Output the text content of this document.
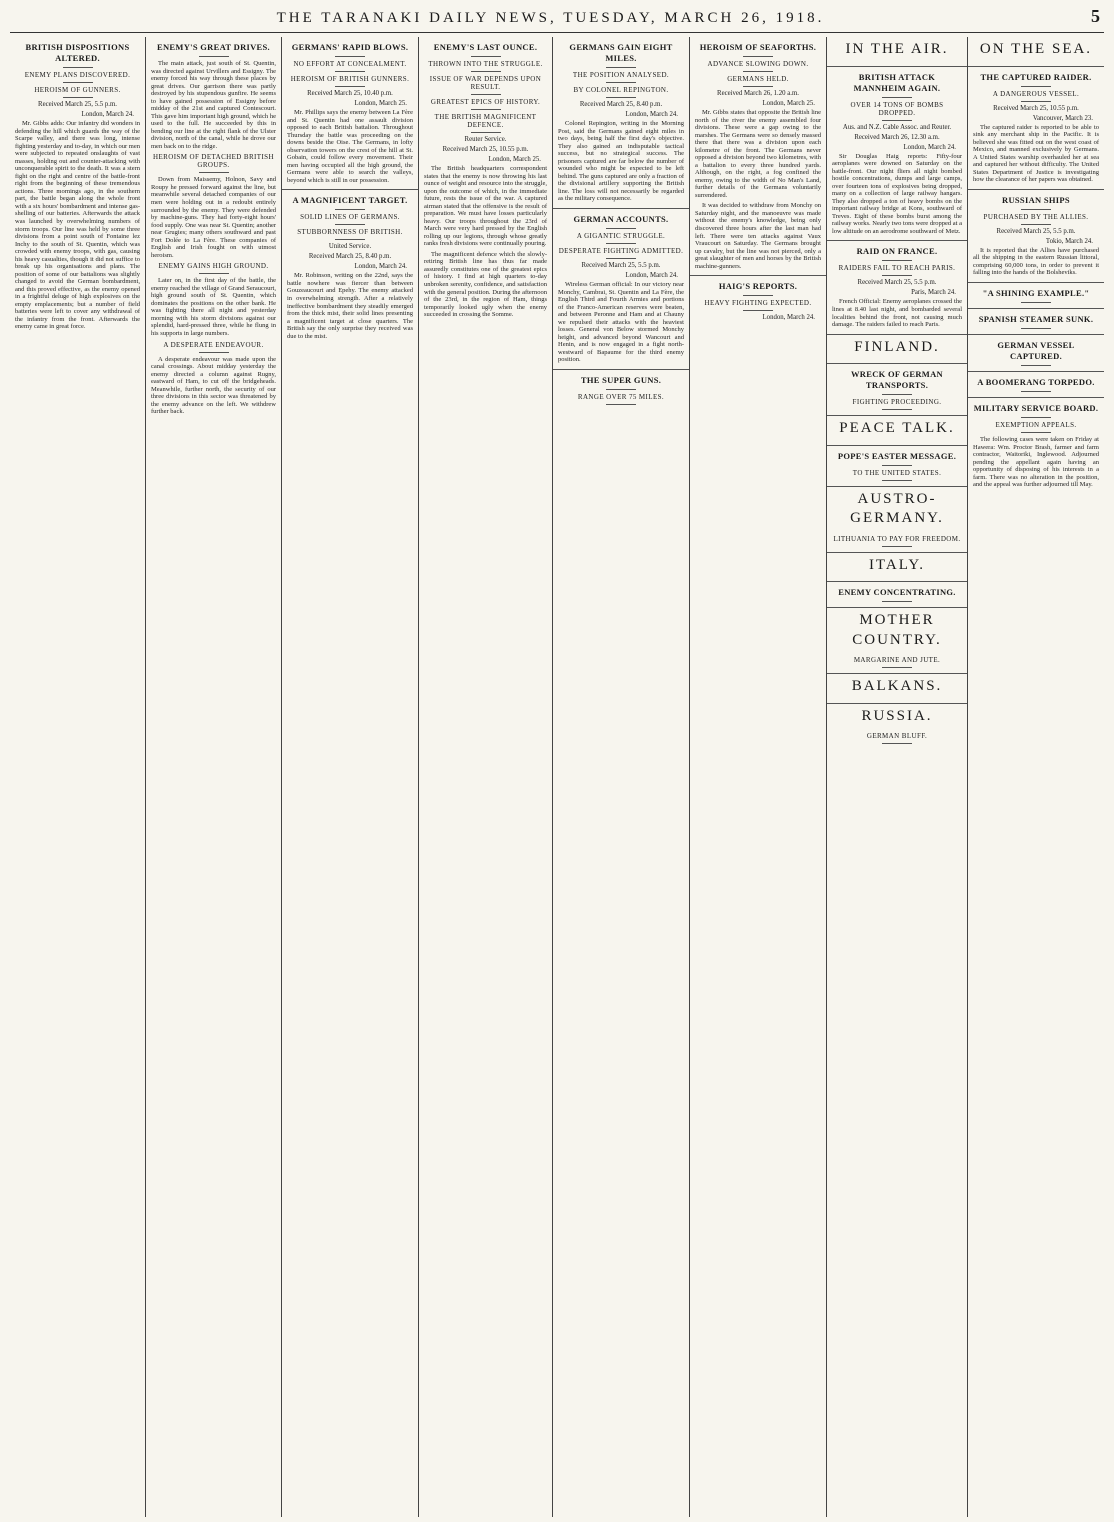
THE TARANAKI DAILY NEWS, TUESDAY, MARCH 26, 1918.	5
BRITISH DISPOSITIONS ALTERED.
ENEMY PLANS DISCOVERED.
HEROISM OF GUNNERS.
Received March 25, 5.5 p.m.
London, March 24.

Mr. Gibbs adds: Our infantry did wonders in defending the hill which guards the way of the Scarpe valley, and there was long, intense fighting yesterday and to-day, in which our men were subjected to repeated onslaughts of vast masses, holding out and counter-attacking with unconquerable spirit to the death. It was a stern fight on the right and centre of the battle-front right from the beginning of these tremendous actions. Three mornings ago, in the southern part, the battle began along the whole front with a six hours' bombardment and intense gas-shelling of our batteries. Afterwards the attack was launched by overwhelming numbers of storm troops. Our line was held by some three divisions from a point south of Fontaine lez Inchy to the south of St. Quentin, which was crowded with enemy troops, with gas, causing his heavy casualties, though it did not suffice to break up his organisations and plans. The position of some of our battalions was slightly changed to avoid the German bombardment, and this proved effective, as the enemy opened in a frightful deluge of high explosives on the empty emplacements; but a number of field batteries were left to cover any withdrawal of the infantry from the front. Afterwards the enemy came in great force.

ENEMY'S GREAT DRIVES.

The main attack, just south of St. Quentin, was directed against Urvillers and Essigny. The enemy forced his way through these places by great drives. Our garrison there was partly destroyed by his stupendous gunfire. He seems to have gained possession of Essigny before midday of the 21st and captured Contescourt. This gave him important high ground, which he used to the full. He succeeded by this in bending our line at the right flank of the Ulster division, north of the canal, while he drove our men back on to the ridge.

HEROISM OF DETACHED BRITISH GROUPS.

Down from Maissemy, Holnon, Savy and Roupy he pressed forward against the line, but meanwhile several detached companies of our men were holding out in a redoubt entirely surrounded by the enemy. They were defended by machine-guns. They had forty-eight hours' food supply. One was near St. Quentin; another near Grugies; many others southward and past Fort Dolée to La Fère. These companies of English and Irish fought on with utmost heroism.

ENEMY GAINS HIGH GROUND.

Later on, in the first day of the battle, the enemy reached the village of Grand Seraucourt, high ground south of St. Quentin, which dominates the positions on the other bank. He was fighting there all night and yesterday morning with his storm divisions against our splendid, hard-pressed three, while he flung in his supports in large numbers.

A DESPERATE ENDEAVOUR.

A desperate endeavour was made upon the canal crossings. About midday yesterday the enemy directed a column against Rugny, eastward of Ham, to cut off the bridgeheads. Meanwhile, further north, the security of our three divisions in this sector was threatened by the enemy advance on the left. We withdrew further back.

GERMANS' RAPID BLOWS.
NO EFFORT AT CONCEALMENT.
HEROISM OF BRITISH GUNNERS.
Received March 25, 10.40 p.m.
London, March 25.

Mr. Phillips says the enemy between La Fère and St. Quentin had one assault division opposed to each British battalion. Throughout Thursday the battle was proceeding on the downs beside the Oise. The Germans, in lofty observation towers on the crest of the hill at St. Gobain, could follow every movement. Their men having occupied all the high ground, the Germans were able to search the valleys, beyond which is still in our possession.

A MAGNIFICENT TARGET.
SOLID LINES OF GERMANS.
STUBBORNNESS OF BRITISH.
United Service.
Received March 25, 8.40 p.m.
London, March 24.

Mr. Robinson, writing on the 22nd, says the battle nowhere was fiercer than between Gouzeaucourt and Epehy. The enemy attacked in overwhelming strength. After a relatively ineffective bombardment they steadily emerged from the thick mist, their solid lines presenting a magnificent target at close quarters. The British say the only surprise they received was due to the mist.

ENEMY'S LAST OUNCE.
THROWN INTO THE STRUGGLE.
ISSUE OF WAR DEPENDS UPON RESULT.
GREATEST EPICS OF HISTORY.
THE BRITISH MAGNIFICENT DEFENCE.
Reuter Service.
Received March 25, 10.55 p.m.
London, March 25.

The British headquarters correspondent states that the enemy is now throwing his last ounce of weight and resource into the struggle, upon the outcome of which, in the immediate future, rests the issue of the war. A captured airman stated that the offensive is the result of preparation. We must have losses particularly heavy. Our troops throughout the 23rd of March were very hard pressed by the English rolling up our legions, through whose greatly ranks fresh divisions were continually pouring.

The magnificent defence which the slowly-retiring British line has thus far made assuredly constitutes one of the greatest epics of history. I find at high quarters to-day unbroken serenity, confidence, and satisfaction with the general position. During the afternoon of the 23rd, in the region of Ham, things temporarily looked ugly when the enemy succeeded in crossing the Somme.

GERMANS GAIN EIGHT MILES.
THE POSITION ANALYSED.
BY COLONEL REPINGTON.
Received March 25, 8.40 p.m.
London, March 24.

Colonel Repington, writing in the Morning Post, said the Germans gained eight miles in two days, being half the first day's objective. They also gained an indisputable tactical success, but no strategical success. The prisoners captured are far below the number of wounded who might be expected to be left behind. The guns captured are only a fraction of the divisional artillery supporting the British line. The loss will not necessarily be regarded as the military consequence.

GERMAN ACCOUNTS.
A GIGANTIC STRUGGLE.
DESPERATE FIGHTING ADMITTED.
Received March 25, 5.5 p.m.
London, March 24.

Wireless German official: In our victory near Monchy, Cambrai, St. Quentin and La Fère, the English Third and Fourth Armies and portions of the Franco-American reserves were beaten, and between Peronne and Ham and at Chauny we repulsed their attacks with the heaviest losses. General von Below stormed Monchy height, and advanced beyond Wancourt and Henin, and is now engaged in a fight north-westward of Bapaume for the third enemy position.

THE SUPER GUNS.
RANGE OVER 75 MILES.
HEROISM OF SEAFORTHS.
ADVANCE SLOWING DOWN.
GERMANS HELD.
Received March 26, 1.20 a.m.
London, March 25.

Mr. Gibbs states that opposite the British line north of the river the enemy assembled four divisions. These were a gap owing to the marshes. The Germans were so densely massed there that there was a division upon each kilometre of the front. The Germans never opposed a division beyond two kilometres, with a battalion to every three hundred yards. Although, on the right, a fog confined the enemy, owing to the width of No Man's Land, further details of the Germans voluntarily surrendered.

It was decided to withdraw from Monchy on Saturday night, and the manoeuvre was made without the enemy's knowledge, being only discovered three hours after the last man had left. There were ten attacks against Vaux Vraucourt on Saturday. The Germans brought up cavalry, but the line was not pierced, only a great slaughter of men and horses by the British machine-gunners.

HAIG'S REPORTS.
HEAVY FIGHTING EXPECTED.
London, March 24.
IN THE AIR.
BRITISH ATTACK MANNHEIM AGAIN.
OVER 14 TONS OF BOMBS DROPPED.
Aus. and N.Z. Cable Assoc. and Reuter.
Received March 26, 12.30 a.m.
London, March 24.

Sir Douglas Haig reports: Fifty-four aeroplanes were downed on Saturday on the battle-front. Our night fliers all night bombed hostile concentrations, dumps and large camps, over fourteen tons of explosives being dropped, many on a collection of large railway hangars. They also dropped a ton of heavy bombs on the important railway bridge at Kons, southward of Treves. Eight of these bombs burst among the railway works. Nearly two tons were dropped at a low altitude on an aerodrome southward of Metz.

RAID ON FRANCE.
RAIDERS FAIL TO REACH PARIS.
Received March 25, 5.5 p.m.
Paris, March 24.

French Official: Enemy aeroplanes crossed the lines at 8.40 last night, and bombarded several localities behind the front, not causing much damage. The raiders failed to reach Paris.

FINLAND.
WRECK OF GERMAN TRANSPORTS.
FIGHTING PROCEEDING.
PEACE TALK.
POPE'S EASTER MESSAGE.
TO THE UNITED STATES.
AUSTRO-GERMANY.
LITHUANIA TO PAY FOR FREEDOM.
ITALY.
ENEMY CONCENTRATING.
MOTHER COUNTRY.
MARGARINE AND JUTE.
BALKANS.
RUSSIA.
GERMAN BLUFF.
ON THE SEA.
THE CAPTURED RAIDER.
A DANGEROUS VESSEL.
Received March 25, 10.55 p.m.
Vancouver, March 23.

The captured raider is reported to be able to sink any merchant ship in the Pacific. It is believed she was fitted out on the west coast of Mexico, and manned exclusively by Germans. A United States warship overhauled her at sea and captured her without difficulty. The United States Department of Justice is investigating how the clearance of her papers was obtained.

RUSSIAN SHIPS
PURCHASED BY THE ALLIES.
Received March 25, 5.5 p.m.
Tokio, March 24.

It is reported that the Allies have purchased all the shipping in the eastern Russian littoral, comprising 60,000 tons, in order to prevent it falling into the hands of the Bolsheviks.

"A SHINING EXAMPLE."
SPANISH STEAMER SUNK.
GERMAN VESSEL CAPTURED.
A BOOMERANG TORPEDO.
MILITARY SERVICE BOARD.
EXEMPTION APPEALS.

The following cases were taken on Friday at Hawera: Wm. Proctor Brash, farmer and farm contractor, Waitoriki, Inglewood. Adjourned pending the appellant again having an opportunity of disposing of his interests in a farm. There was no alteration in the position, and the appeal was further adjourned till May.
